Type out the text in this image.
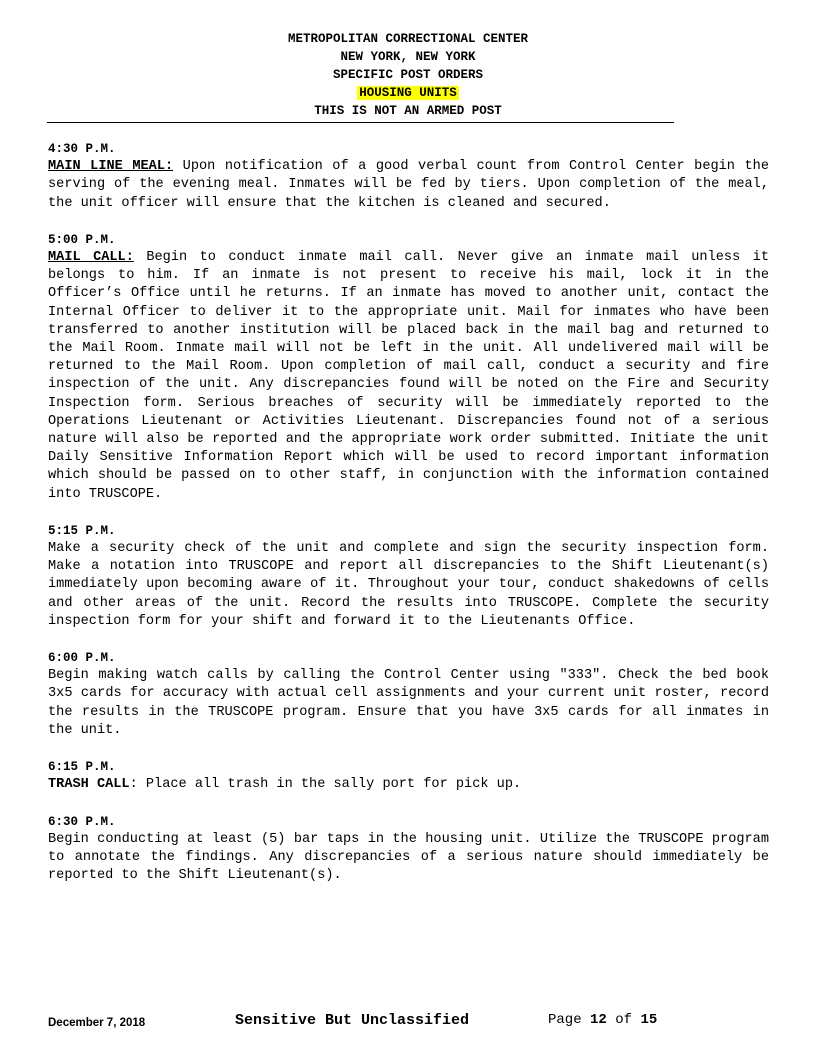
METROPOLITAN CORRECTIONAL CENTER
NEW YORK, NEW YORK
SPECIFIC POST ORDERS
HOUSING UNITS
THIS IS NOT AN ARMED POST
4:30 P.M.

MAIN LINE MEAL: Upon notification of a good verbal count from Control Center begin the serving of the evening meal. Inmates will be fed by tiers. Upon completion of the meal, the unit officer will ensure that the kitchen is cleaned and secured.

5:00 P.M.

MAIL CALL: Begin to conduct inmate mail call. Never give an inmate mail unless it belongs to him. If an inmate is not present to receive his mail, lock it in the Officer’s Office until he returns. If an inmate has moved to another unit, contact the Internal Officer to deliver it to the appropriate unit. Mail for inmates who have been transferred to another institution will be placed back in the mail bag and returned to the Mail Room. Inmate mail will not be left in the unit. All undelivered mail will be returned to the Mail Room. Upon completion of mail call, conduct a security and fire inspection of the unit. Any discrepancies found will be noted on the Fire and Security Inspection form. Serious breaches of security will be immediately reported to the Operations Lieutenant or Activities Lieutenant. Discrepancies found not of a serious nature will also be reported and the appropriate work order submitted. Initiate the unit Daily Sensitive Information Report which will be used to record important information which should be passed on to other staff, in conjunction with the information contained into TRUSCOPE.

5:15 P.M.

Make a security check of the unit and complete and sign the security inspection form. Make a notation into TRUSCOPE and report all discrepancies to the Shift Lieutenant(s) immediately upon becoming aware of it. Throughout your tour, conduct shakedowns of cells and other areas of the unit. Record the results into TRUSCOPE. Complete the security inspection form for your shift and forward it to the Lieutenants Office.

6:00 P.M.

Begin making watch calls by calling the Control Center using "333". Check the bed book 3x5 cards for accuracy with actual cell assignments and your current unit roster, record the results in the TRUSCOPE program. Ensure that you have 3x5 cards for all inmates in the unit.

6:15 P.M.

TRASH CALL: Place all trash in the sally port for pick up.

6:30 P.M.

Begin conducting at least (5) bar taps in the housing unit. Utilize the TRUSCOPE program to annotate the findings. Any discrepancies of a serious nature should immediately be reported to the Shift Lieutenant(s).

December 7, 2018	Sensitive But Unclassified	Page 12 of 15
